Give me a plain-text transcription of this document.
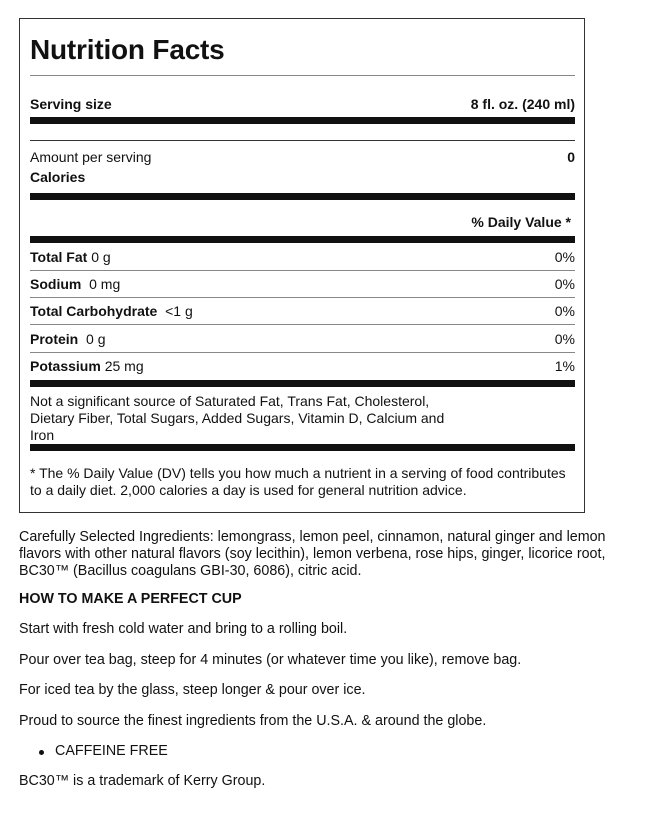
Nutrition Facts
Serving size	8 fl. oz. (240 ml)
Amount per serving	0
Calories
% Daily Value *
Total Fat 0 g	0%
Sodium 0 mg	0%
Total Carbohydrate <1 g	0%
Protein 0 g	0%
Potassium 25 mg	1%
Not a significant source of Saturated Fat, Trans Fat, Cholesterol, Dietary Fiber, Total Sugars, Added Sugars, Vitamin D, Calcium and Iron
* The % Daily Value (DV) tells you how much a nutrient in a serving of food contributes to a daily diet. 2,000 calories a day is used for general nutrition advice.

Carefully Selected Ingredients: lemongrass, lemon peel, cinnamon, natural ginger and lemon flavors with other natural flavors (soy lecithin), lemon verbena, rose hips, ginger, licorice root, BC30™ (Bacillus coagulans GBI-30, 6086), citric acid.

HOW TO MAKE A PERFECT CUP

Start with fresh cold water and bring to a rolling boil.

Pour over tea bag, steep for 4 minutes (or whatever time you like), remove bag.

For iced tea by the glass, steep longer & pour over ice.

Proud to source the finest ingredients from the U.S.A. & around the globe.

CAFFEINE FREE

BC30™ is a trademark of Kerry Group.
